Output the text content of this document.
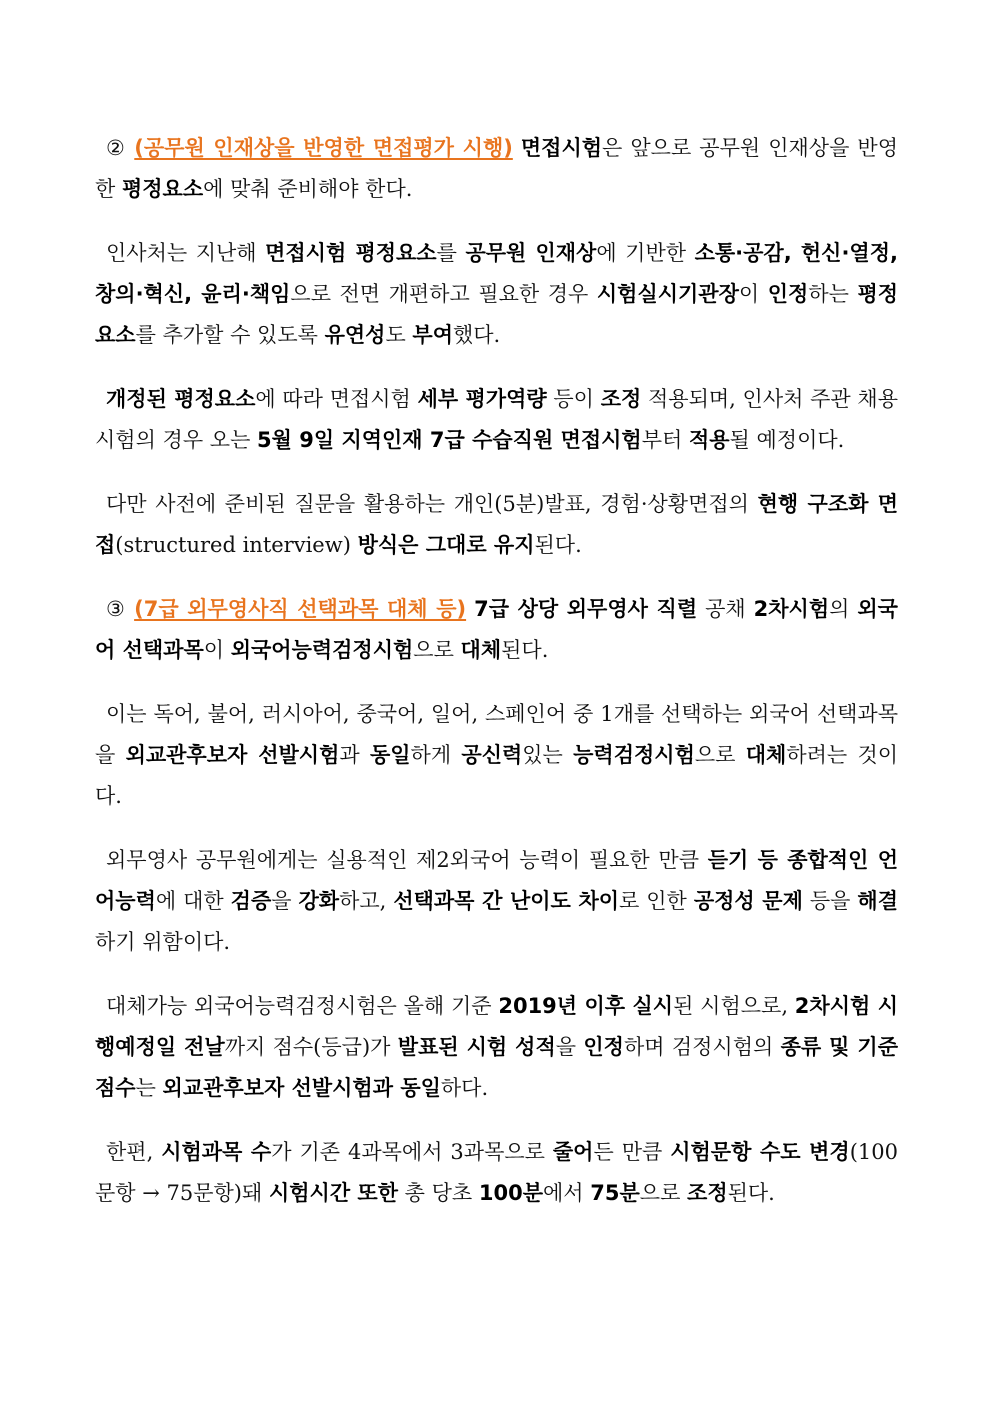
② (공무원 인재상을 반영한 면접평가 시행) 면접시험은 앞으로 공무원 인재상을 반영한 평정요소에 맞춰 준비해야 한다.

인사처는 지난해 면접시험 평정요소를 공무원 인재상에 기반한 소통·공감, 헌신·열정, 창의·혁신, 윤리·책임으로 전면 개편하고 필요한 경우 시험실시기관장이 인정하는 평정요소를 추가할 수 있도록 유연성도 부여했다.

개정된 평정요소에 따라 면접시험 세부 평가역량 등이 조정 적용되며, 인사처 주관 채용시험의 경우 오는 5월 9일 지역인재 7급 수습직원 면접시험부터 적용될 예정이다.

다만 사전에 준비된 질문을 활용하는 개인(5분)발표, 경험·상황면접의 현행 구조화 면접(structured interview) 방식은 그대로 유지된다.

③ (7급 외무영사직 선택과목 대체 등) 7급 상당 외무영사 직렬 공채 2차시험의 외국어 선택과목이 외국어능력검정시험으로 대체된다.

이는 독어, 불어, 러시아어, 중국어, 일어, 스페인어 중 1개를 선택하는 외국어 선택과목을 외교관후보자 선발시험과 동일하게 공신력있는 능력검정시험으로 대체하려는 것이다.

외무영사 공무원에게는 실용적인 제2외국어 능력이 필요한 만큼 듣기 등 종합적인 언어능력에 대한 검증을 강화하고, 선택과목 간 난이도 차이로 인한 공정성 문제 등을 해결하기 위함이다.

대체가능 외국어능력검정시험은 올해 기준 2019년 이후 실시된 시험으로, 2차시험 시행예정일 전날까지 점수(등급)가 발표된 시험 성적을 인정하며 검정시험의 종류 및 기준점수는 외교관후보자 선발시험과 동일하다.

한편, 시험과목 수가 기존 4과목에서 3과목으로 줄어든 만큼 시험문항 수도 변경(100문항 → 75문항)돼 시험시간 또한 총 당초 100분에서 75분으로 조정된다.
